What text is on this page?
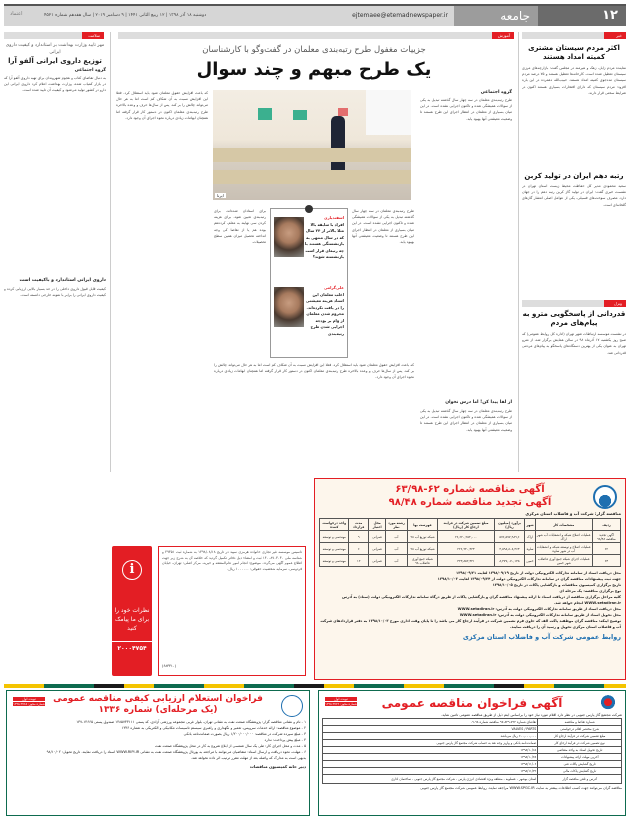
۱۲
جامعه
ejtemaee@etemadnewspaper.ir
دوشنبه ۱۸ آذر ۱۳۹۸ | ۱۲ ربیع الثانی ۱۴۴۱ | ۹ دسامبر ۲۰۱۹ | سال هفدهم شماره ۴۵۲۱
اعتماد
خبر
آموزش
سلامت
اکثر مردم سیستان مشتری کمیته امداد هستند
نماینده مردم زابل، زهک و هیرمند در مجلس گفت: بازارچه‌های مرزی سیستان تعطیل شده است. کارخانه‌ها تعطیل هستند و ۷۵ درصد مردم سیستان مددجوی کمیته امداد هستند. حبیب‌الله دهمرده در این باره افزود: مردم سیستان که دارای افتخارات بسیاری هستند اکنون در شرایط سختی قرار دارند.
رتبه دهم ایران در تولید کربن
سعید محمودی مدیر کل حفاظت محیط زیست استان تهران در نشست خبری گفت: ایران در تولید گاز کربن رتبه دهم را در جهان دارد. مصرف سوخت‌های فسیلی، یکی از عوامل اصلی انتشار گازهای گلخانه‌ای است.
ونزل
قدردانی از پاسخگویی مترو به پیام‌های مردم
در نشست موسسه ارتباطات شهر تهران (اداره کل روابط عمومی) که صبح روز یکشنبه ۱۷ آذرماه ۹۸ در سالن همایش برگزار شد، از مترو تهران به عنوان یکی از بهترین دستگاه‌های پاسخگو به پیام‌های مردمی قدردانی شد.
جزییات مغفول طرح رتبه‌بندی معلمان در گفت‌و‌گو با کارشناسان
یک طرح مبهم و چند سوال
ایرنا
گروه اجتماعی
طرح رتبه‌بندی معلمان در سه چهار سال گذشته تبدیل به یکی از سوالات همیشگی شده و تاکنون اجرایی نشده است. در این میان بسیاری از معلمان در انتظار اجرای این طرح هستند تا وضعیت معیشتی آنها بهبود یابد.
از لقا پیدا کن! اما درس نخوان
طرح رتبه‌بندی معلمان در سه چهار سال گذشته تبدیل به یکی از سوالات همیشگی شده و تاکنون اجرایی نشده است. در این میان بسیاری از معلمان در انتظار اجرای این طرح هستند تا وضعیت معیشتی آنها بهبود یابد.
که باعث افزایش حقوق معلمان شود باید استقلال کرد. فعلا این افزایش نسبت به آن شکاف کم است اما به هر حال می‌تواند چالش را بر کند. پس از سال‌ها حرف و وعده بالاخره طرح رتبه‌بندی معلمان اکنون در دستور کار قرار گرفته اما همچنان ابهامات زیادی درباره نحوه اجرای آن وجود دارد.
اسفندیاری
افراد با سابقه بالا مثلا بالاتر از ۲۴ سال که در سال منتهی به بازنشستگی هستند با چه رتبه‌ای قرار است بازنشسته شوند؟
علی‌گرامی
اغلب معلمان این اسناد هزینه معیشتی را در یافت نکرده‌اند. محروم شدن معلمان از وام بر بودجه اجرایی شدن طرح رتبه‌بندی
طرح رتبه‌بندی معلمان در سه چهار سال گذشته تبدیل به یکی از سوالات همیشگی شده و تاکنون اجرایی نشده است. در این میان بسیاری از معلمان در انتظار اجرای این طرح هستند تا وضعیت معیشتی آنها بهبود یابد.
برای استادان شده‌اند، برای رتبه‌بندی تعیین شود، برای هزینه کردن سی نهایند به معلم، کرده‌هم بوده هم یا از تقاضا کی وجه انداخته تحصیل میزان همین سطح تحصیلات.
که باعث افزایش حقوق معلمان شود باید استقلال کرد. فعلا این افزایش نسبت به آن شکاف کم است اما به هر حال می‌تواند چالش را بر کند. پس از سال‌ها حرف و وعده بالاخره طرح رتبه‌بندی معلمان اکنون در دستور کار قرار گرفته اما همچنان ابهامات زیادی درباره نحوه اجرای آن وجود دارد.
مهر تایید وزارت بهداشت بر استاندارد و کیفیت داروی ایرانی
توزیع داروی ایرانی آلفو آرا
گروه اجتماعی
به دنبال تقاضای کتاب و هجوم شهروندان برای تهیه داروی آلفو آرا که در بازار کمیاب شده، وزارت بهداشت اعلام کرد داروی ایرانی این دارو در کشور تولید می‌شود و کیفیت آن تایید شده است.
داروی ایرانی استاندارد و باکیفیت است
کیفیت قابل قبول داروی داخلی را در حد بسیار بالایی ارزیابی کرده و کیفیت داروی ایرانی را برابر با نمونه خارجی دانسته است.
i
نظرات خود را برای ما پیامک کنید
۲۰۰۰۴۷۵۴
تاسیس موسسه غیر تجاری خانواده هرمزی سپید در تاریخ ۱۳۹۸/۰۸/۱۸ به شماره ثبت ۴۹۳۵۱ و شناسه ملی ۱۴۰۰۸۷۰۳۰۳۰ ثبت و امضاء ذیل دفاتر تکمیل گردید که خلاصه آن به شرح زیر جهت اطلاع عموم آگهی می‌گردد. موضوع: انجام امور عام‌المنفعه و خیریه. مرکز اصلی: تهران، خیابان فردوسی. سرمایه شخصیت حقوقی: ۱۰۰۰۰۰۰ ریال.
(۶۸۳۳۱۰)
آگهی مناقصه شماره ۶۲-۶۳/۹۸
آگهی تجدید مناقصه شماره ۹۸/۴۸
مناقصه گزار: شرکت آب و فاضلاب استان مرکزی
ردیف	مشخصات کار	شهر	برآورد (میلیون ریال)	مبلغ تضمین شرکت در فرایند ارجاع کار (ریال)	فهرست بها	رشته مورد نظر	محل اعتبار	مدت قرارداد	واحد درخواست کننده
آگهی تجدید مناقصه ۹۸/۴۸	عملیات اصلاح شبکه و انشعابات آب شهر اراک	اراک	۵۷۶,۵۷۷,۹۸۹,۶	۲۶,۶۲۰,۲۵۴,۰۰۰	شبکه توزیع آب ۹۸	آب	عمرانی	۹	مهندسی و توسعه
۶۲	عملیات اصلاح و توسعه شبکه و انشعابات آب در شهر ساوه	ساوه	۴,۵۹۸,۸۰۸,۴۶۳	۲۲۶,۹۴۰,۴۲۳	شبکه توزیع آب ۹۸	آب	عمرانی	۶	مهندسی و توسعه
۶۳	عملیات اجرای شبکه جمع آوری فاضلاب شهر خمین	خمین	۸,۴۷۷,۰۷۰,۱۴۵	۴۲۳,۸۵۲,۳۲۱	شبکه جمع آوری فاضلاب ۹۸	آب	عمرانی	۱۲	مهندسی و توسعه
محل دریافت اسناد از سامانه تدارکات الکترونیکی دولت از تاریخ ۱۳۹۸/۰۹/۱۹ لغایت ۱۳۹۸/۰۹/۲۱
جهت ثبت پیشنهادات مناقصه گران در سامانه تدارکات الکترونیکی دولت از ۱۳۹۸/۰۹/۲۴ لغایت ۱۳۹۸/۱۰/۰۳
تاریخ برگزاری کمیسیون مناقصات و بازگشایی پاکات در تاریخ ۱۳۹۸/۱۰/۰۵
نوع برگزاری مناقصه: یک مرحله ای
کلیه مراحل برگزاری مناقصه از دریافت اسناد تا ارائه پیشنهاد مناقصه گران و بازگشایی پاکات از طریق درگاه سامانه تدارکات الکترونیکی دولت (ستاد) به آدرس WWW.setadiran.ir انجام خواهد شد.
محل دریافت اسناد از طریق سامانه تدارکات الکترونیکی دولت به آدرس: WWW.setadiran.ir
محل تحویل اسناد از طریق سامانه تدارکات الکترونیکی دولت به آدرس: WWW.setadiran.ir
توضیح اینکه: مناقصه گران موظفند پاکت الف که حاوی فرم تضمین شرکت در فرآیند ارجاع کار می باشد را تا پایان وقت اداری مورخ ۱۳۹۸/۱۰/۰۳ به دفتر قراردادهای شرکت آب و فاضلاب استان مرکزی تحویل و رسید آن را دریافت نمایند.
روابط عمومی شرکت آب و فاضلاب استان مرکزی
نوبت اول
شماره مجوز: ۱۳۹۸.۳۷۶۸ فراخوان استعلام ارزیابی کیفی مناقصه عمومی
(یک مرحله‌ای) شماره ۱۳۳۶
۱ - نام و نشانی مناقصه گزار: پژوهشگاه صنعت نفت به نشانی تهران، بلوار غربی مجموعه ورزشی آزادی، کد پستی ۱۴۸۵۷۳۳۱۱۱ صندوق پستی ۱۴۶۶۵-۱۳۷
۲ - موضوع مناقصه: ارائه خدمات سرویس، تعمیر و نگهداری و راهبری سیستم تاسیسات مکانیکی و الکتریکی به شماره ۱۳۳۶
۳ - مبلغ سپرده شرکت در مناقصه: ۱/۲۰۰/۰۰۰/۰۰۰ ریال بصورت ضمانت‌نامه بانکی
۴ - مبلغ پیش پرداخت: ندارد
۵ - مدت و محل اجرای کار: طی یک سال شمسی از ابلاغ شروع به کار در محل پژوهشگاه صنعت نفت
۶ - مهلت، نحوه دریافت و ارسال اسناد: متقاضیان می‌توانند با مراجعه به پورتال پژوهشگاه صنعت نفت به نشانی WWW.RIPI.IR اسناد را دریافت نمایند. تاریخ تحویل: ۹۸/۱۰/۰۲
بدیهی است به مدارک که واصله بعد از مهلت مقرر ترتیب اثر داده نخواهد شد.
دبیر خانه کمیسیون مناقصات
نوبت اول
شماره مجوز: ۱۳۹۸.۳۷۶۹	آگهی فراخوان مناقصه عمومی
شرکت مجتمع گاز پارس جنوبی در نظر دارد اقلام مورد نیاز خود را براساس ایتم ذیل از طریق مناقصه عمومی تامین نماید.
شماره تقاضا و مناقصه	تقاضای شماره ۷۲۲-۸۴۹-۹۷ مناقصه شماره ۹۸-۰۹
شرح مختصر اقلام درخواستی	VALVES / PARTS
مبلغ تضمین شرکت در فرآیند ارجاع کار	۶۰۰,۰۰۰,۰۰۰ ریال می‌باشد
نوع تضمین شرکت در فرآیند ارجاع کار	ضمانت‌نامه بانکی و واریز وجه نقد به حساب شرکت مجتمع گاز پارس جنوبی
تاریخ تحویل اسناد به واحد متقاضی	۱۳۹۸/۱۰/۱۵
آخرین مهلت ارائه پیشنهادات	۱۳۹۸/۱۰/۲۸
تاریخ گشایش پاکات فنی	۱۳۹۸/۱۱/۰۶
تاریخ گشایش پاکات مالی	۱۳۹۸/۱۱/۲۲
آدرس و تلفن مناقصه گزار	استان بوشهر - عسلویه - منطقه ویژه اقتصادی انرژی پارس - شرکت مجتمع گاز پارس جنوبی - ساختمان اداری
مناقصه گران می‌توانند جهت کسب اطلاعات بیشتر به سایت WWW.SPGC.IR مراجعه نمایند. روابط عمومی شرکت مجتمع گاز پارس جنوبی
